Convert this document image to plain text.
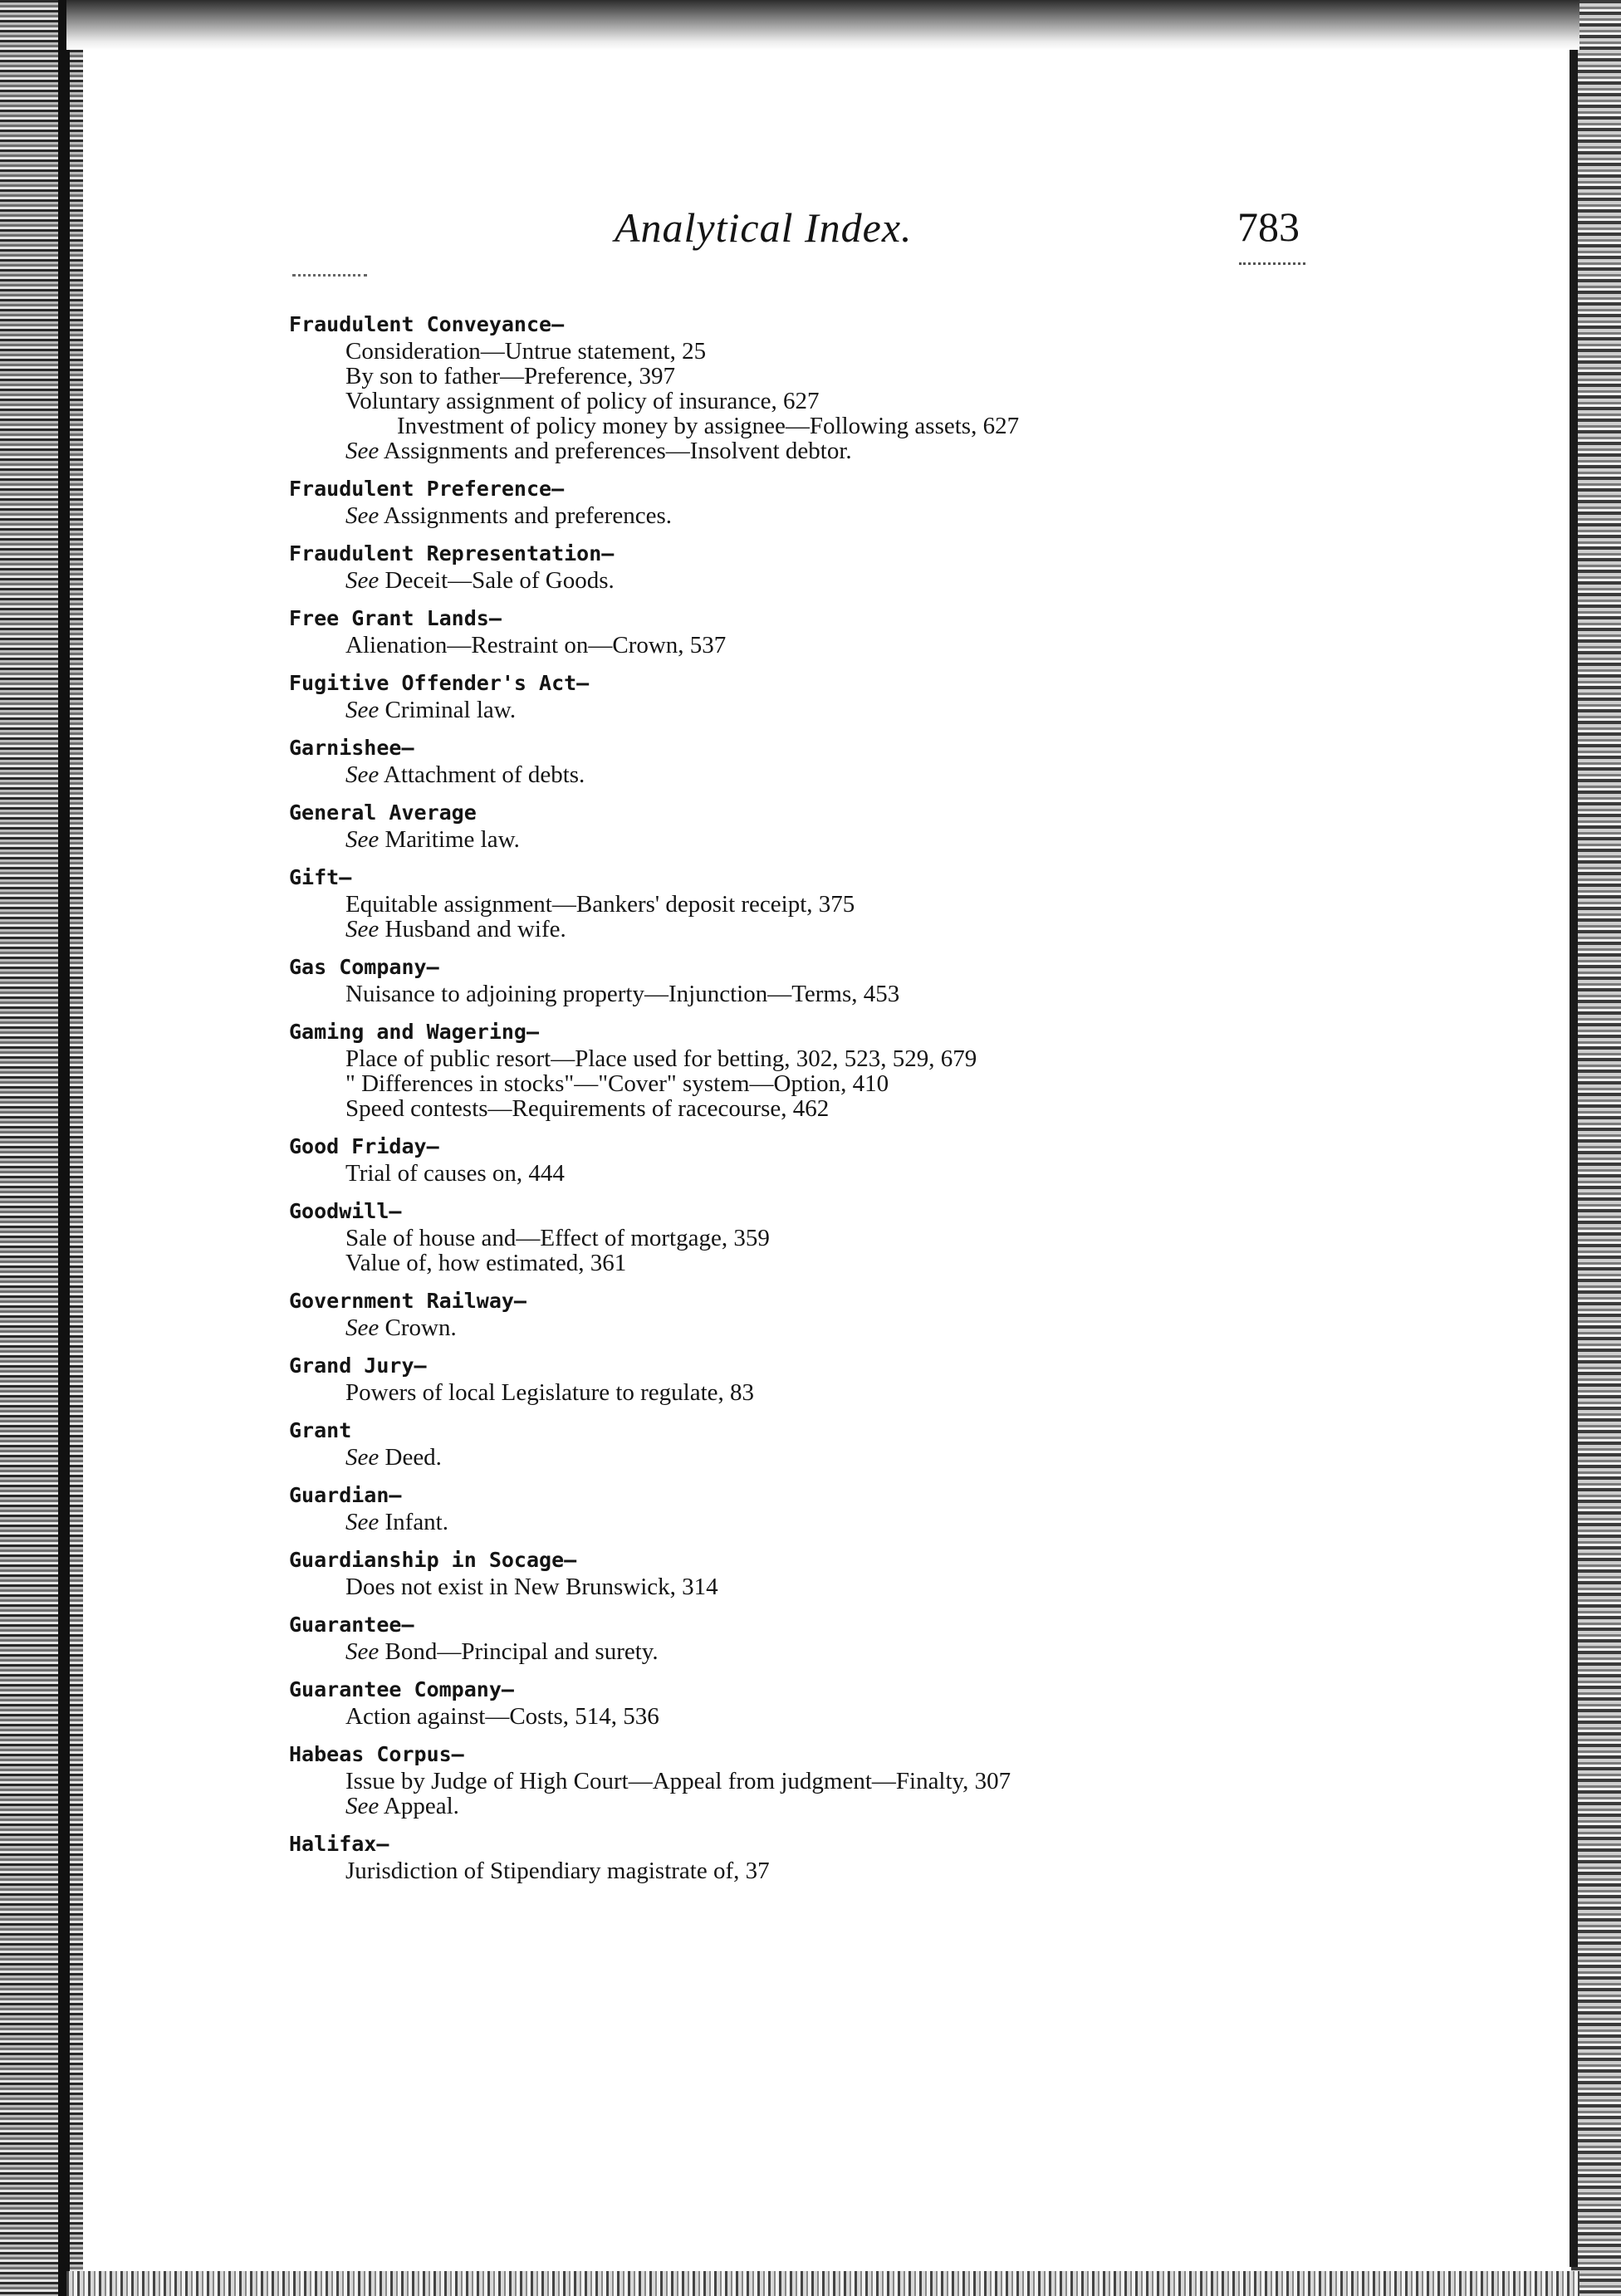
Analytical Index.	783
Fraudulent Conveyance—
Consideration—Untrue statement, 25
By son to father—Preference, 397
Voluntary assignment of policy of insurance, 627
Investment of policy money by assignee—Following assets, 627
See Assignments and preferences—Insolvent debtor.
Fraudulent Preference—
See Assignments and preferences.
Fraudulent Representation—
See Deceit—Sale of Goods.
Free Grant Lands—
Alienation—Restraint on—Crown, 537
Fugitive Offender's Act—
See Criminal law.
Garnishee—
See Attachment of debts.
General Average
See Maritime law.
Gift—
Equitable assignment—Bankers' deposit receipt, 375
See Husband and wife.
Gas Company—
Nuisance to adjoining property—Injunction—Terms, 453
Gaming and Wagering—
Place of public resort—Place used for betting, 302, 523, 529, 679
" Differences in stocks"—"Cover" system—Option, 410
Speed contests—Requirements of racecourse, 462
Good Friday—
Trial of causes on, 444
Goodwill—
Sale of house and—Effect of mortgage, 359
Value of, how estimated, 361
Government Railway—
See Crown.
Grand Jury—
Powers of local Legislature to regulate, 83
Grant
See Deed.
Guardian—
See Infant.
Guardianship in Socage—
Does not exist in New Brunswick, 314
Guarantee—
See Bond—Principal and surety.
Guarantee Company—
Action against—Costs, 514, 536
Habeas Corpus—
Issue by Judge of High Court—Appeal from judgment—Finalty, 307
See Appeal.
Halifax—
Jurisdiction of Stipendiary magistrate of, 37
